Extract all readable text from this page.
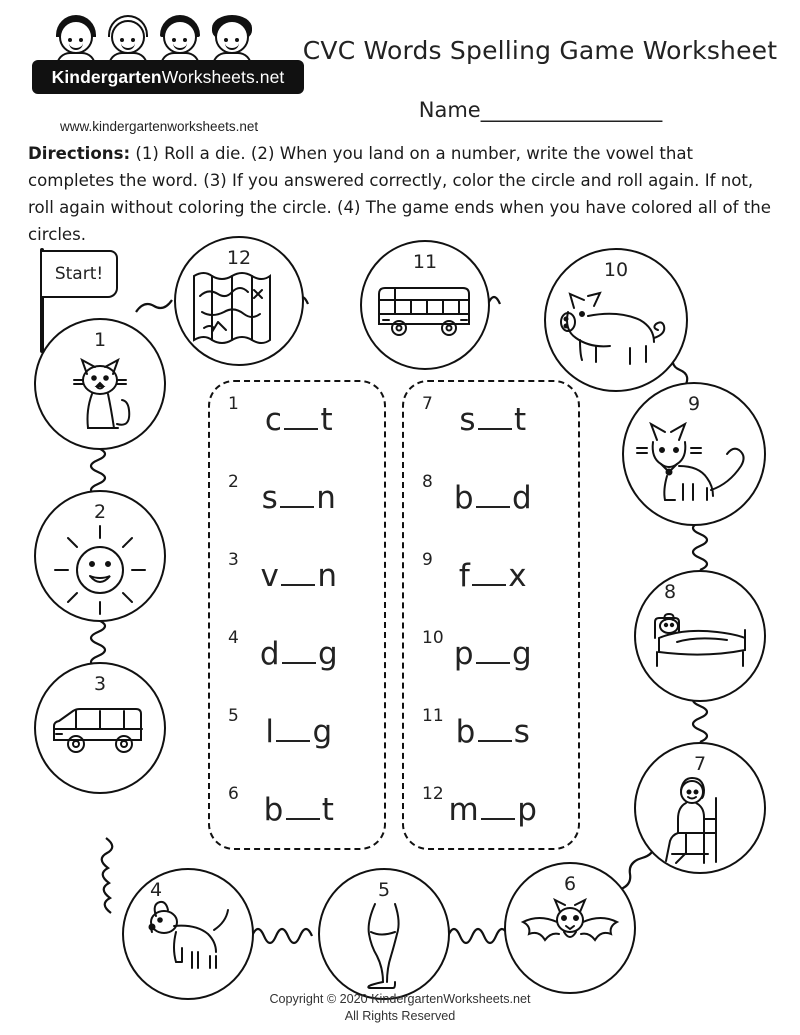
KindergartenWorksheets.net
www.kindergartenworksheets.net
CVC Words Spelling Game Worksheet
Name___________________
Directions: (1) Roll a die. (2) When you land on a number, write the vowel that completes the word. (3) If you answered correctly, color the circle and roll again. If not, roll again without coloring the circle. (4) The game ends when you have colored all of the circles.
Start!
1
2
3
4	5	6
7
8
9
10
11
12
1 c t
2 s n
3 v n
4 d g
5 l g
6 b t
7 s t
8 b d
9 f x
10 p g
11 b s
12 m p
Copyright © 2020 KindergartenWorksheets.net
All Rights Reserved
